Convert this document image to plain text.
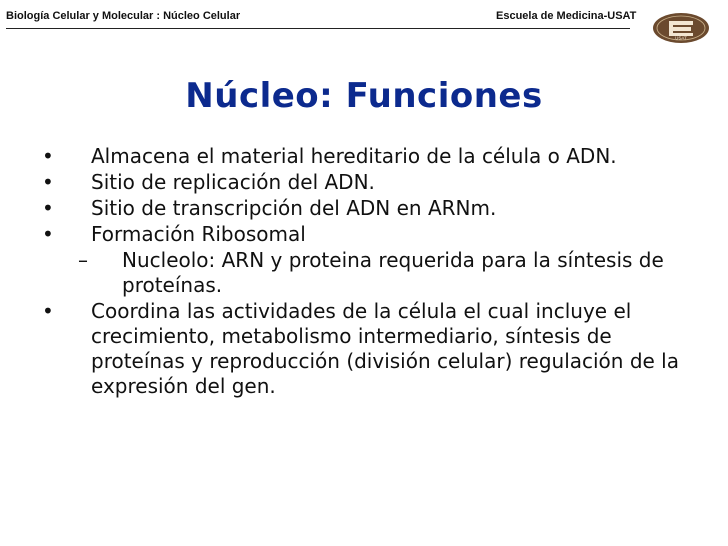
Biología Celular y Molecular : Núcleo Celular	Escuela de Medicina-USAT
USAT
Núcleo: Funciones
• Almacena el material hereditario de la célula o ADN.
• Sitio de replicación del ADN.
• Sitio de transcripción del ADN en ARNm.
• Formación Ribosomal
– Nucleolo: ARN y proteina requerida para la síntesis de proteínas.
• Coordina las actividades de la célula el cual incluye el crecimiento, metabolismo intermediario, síntesis de proteínas y reproducción (división celular) regulación de la expresión del gen.
